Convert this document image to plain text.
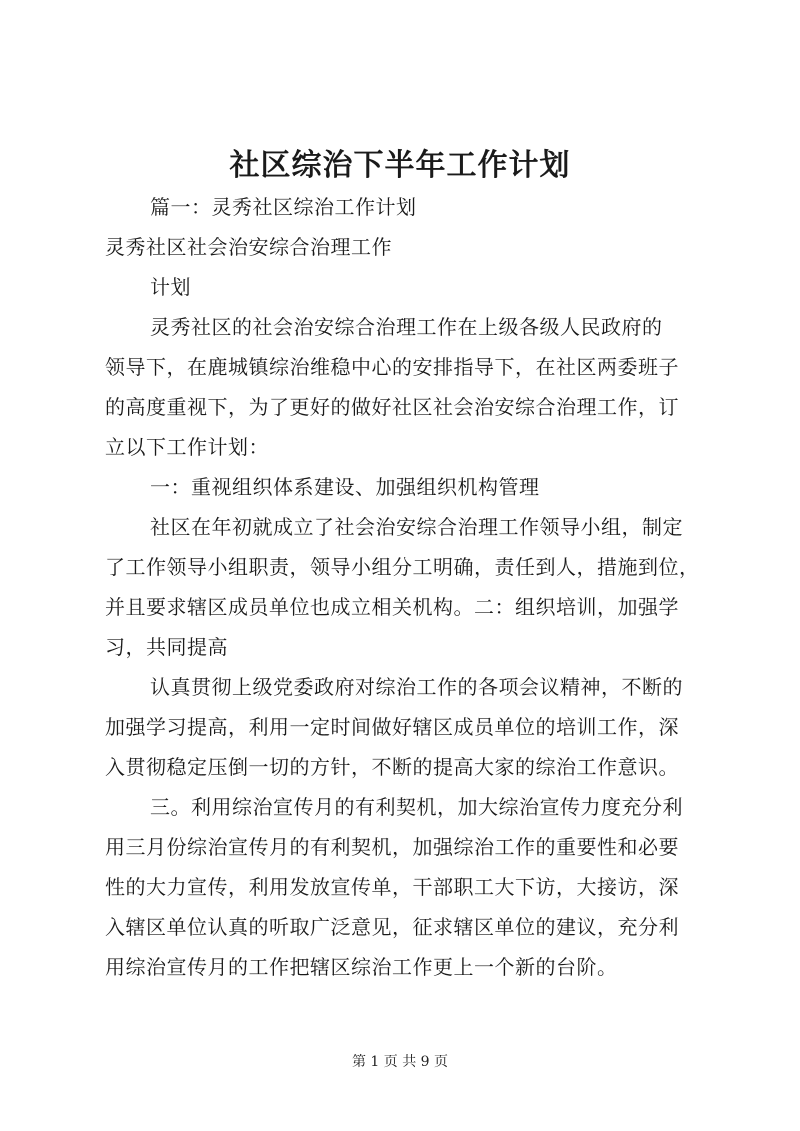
社区综治下半年工作计划
篇一：灵秀社区综治工作计划
灵秀社区社会治安综合治理工作
计划
灵秀社区的社会治安综合治理工作在上级各级人民政府的
领导下，在鹿城镇综治维稳中心的安排指导下，在社区两委班子
的高度重视下，为了更好的做好社区社会治安综合治理工作，订
立以下工作计划：
一：重视组织体系建设、加强组织机构管理
社区在年初就成立了社会治安综合治理工作领导小组，制定
了工作领导小组职责，领导小组分工明确，责任到人，措施到位，
并且要求辖区成员单位也成立相关机构。二：组织培训，加强学
习，共同提高
认真贯彻上级党委政府对综治工作的各项会议精神，不断的
加强学习提高，利用一定时间做好辖区成员单位的培训工作，深
入贯彻稳定压倒一切的方针，不断的提高大家的综治工作意识。
三。利用综治宣传月的有利契机，加大综治宣传力度充分利
用三月份综治宣传月的有利契机，加强综治工作的重要性和必要
性的大力宣传，利用发放宣传单，干部职工大下访，大接访，深
入辖区单位认真的听取广泛意见，征求辖区单位的建议，充分利
用综治宣传月的工作把辖区综治工作更上一个新的台阶。
第 1 页 共 9 页
